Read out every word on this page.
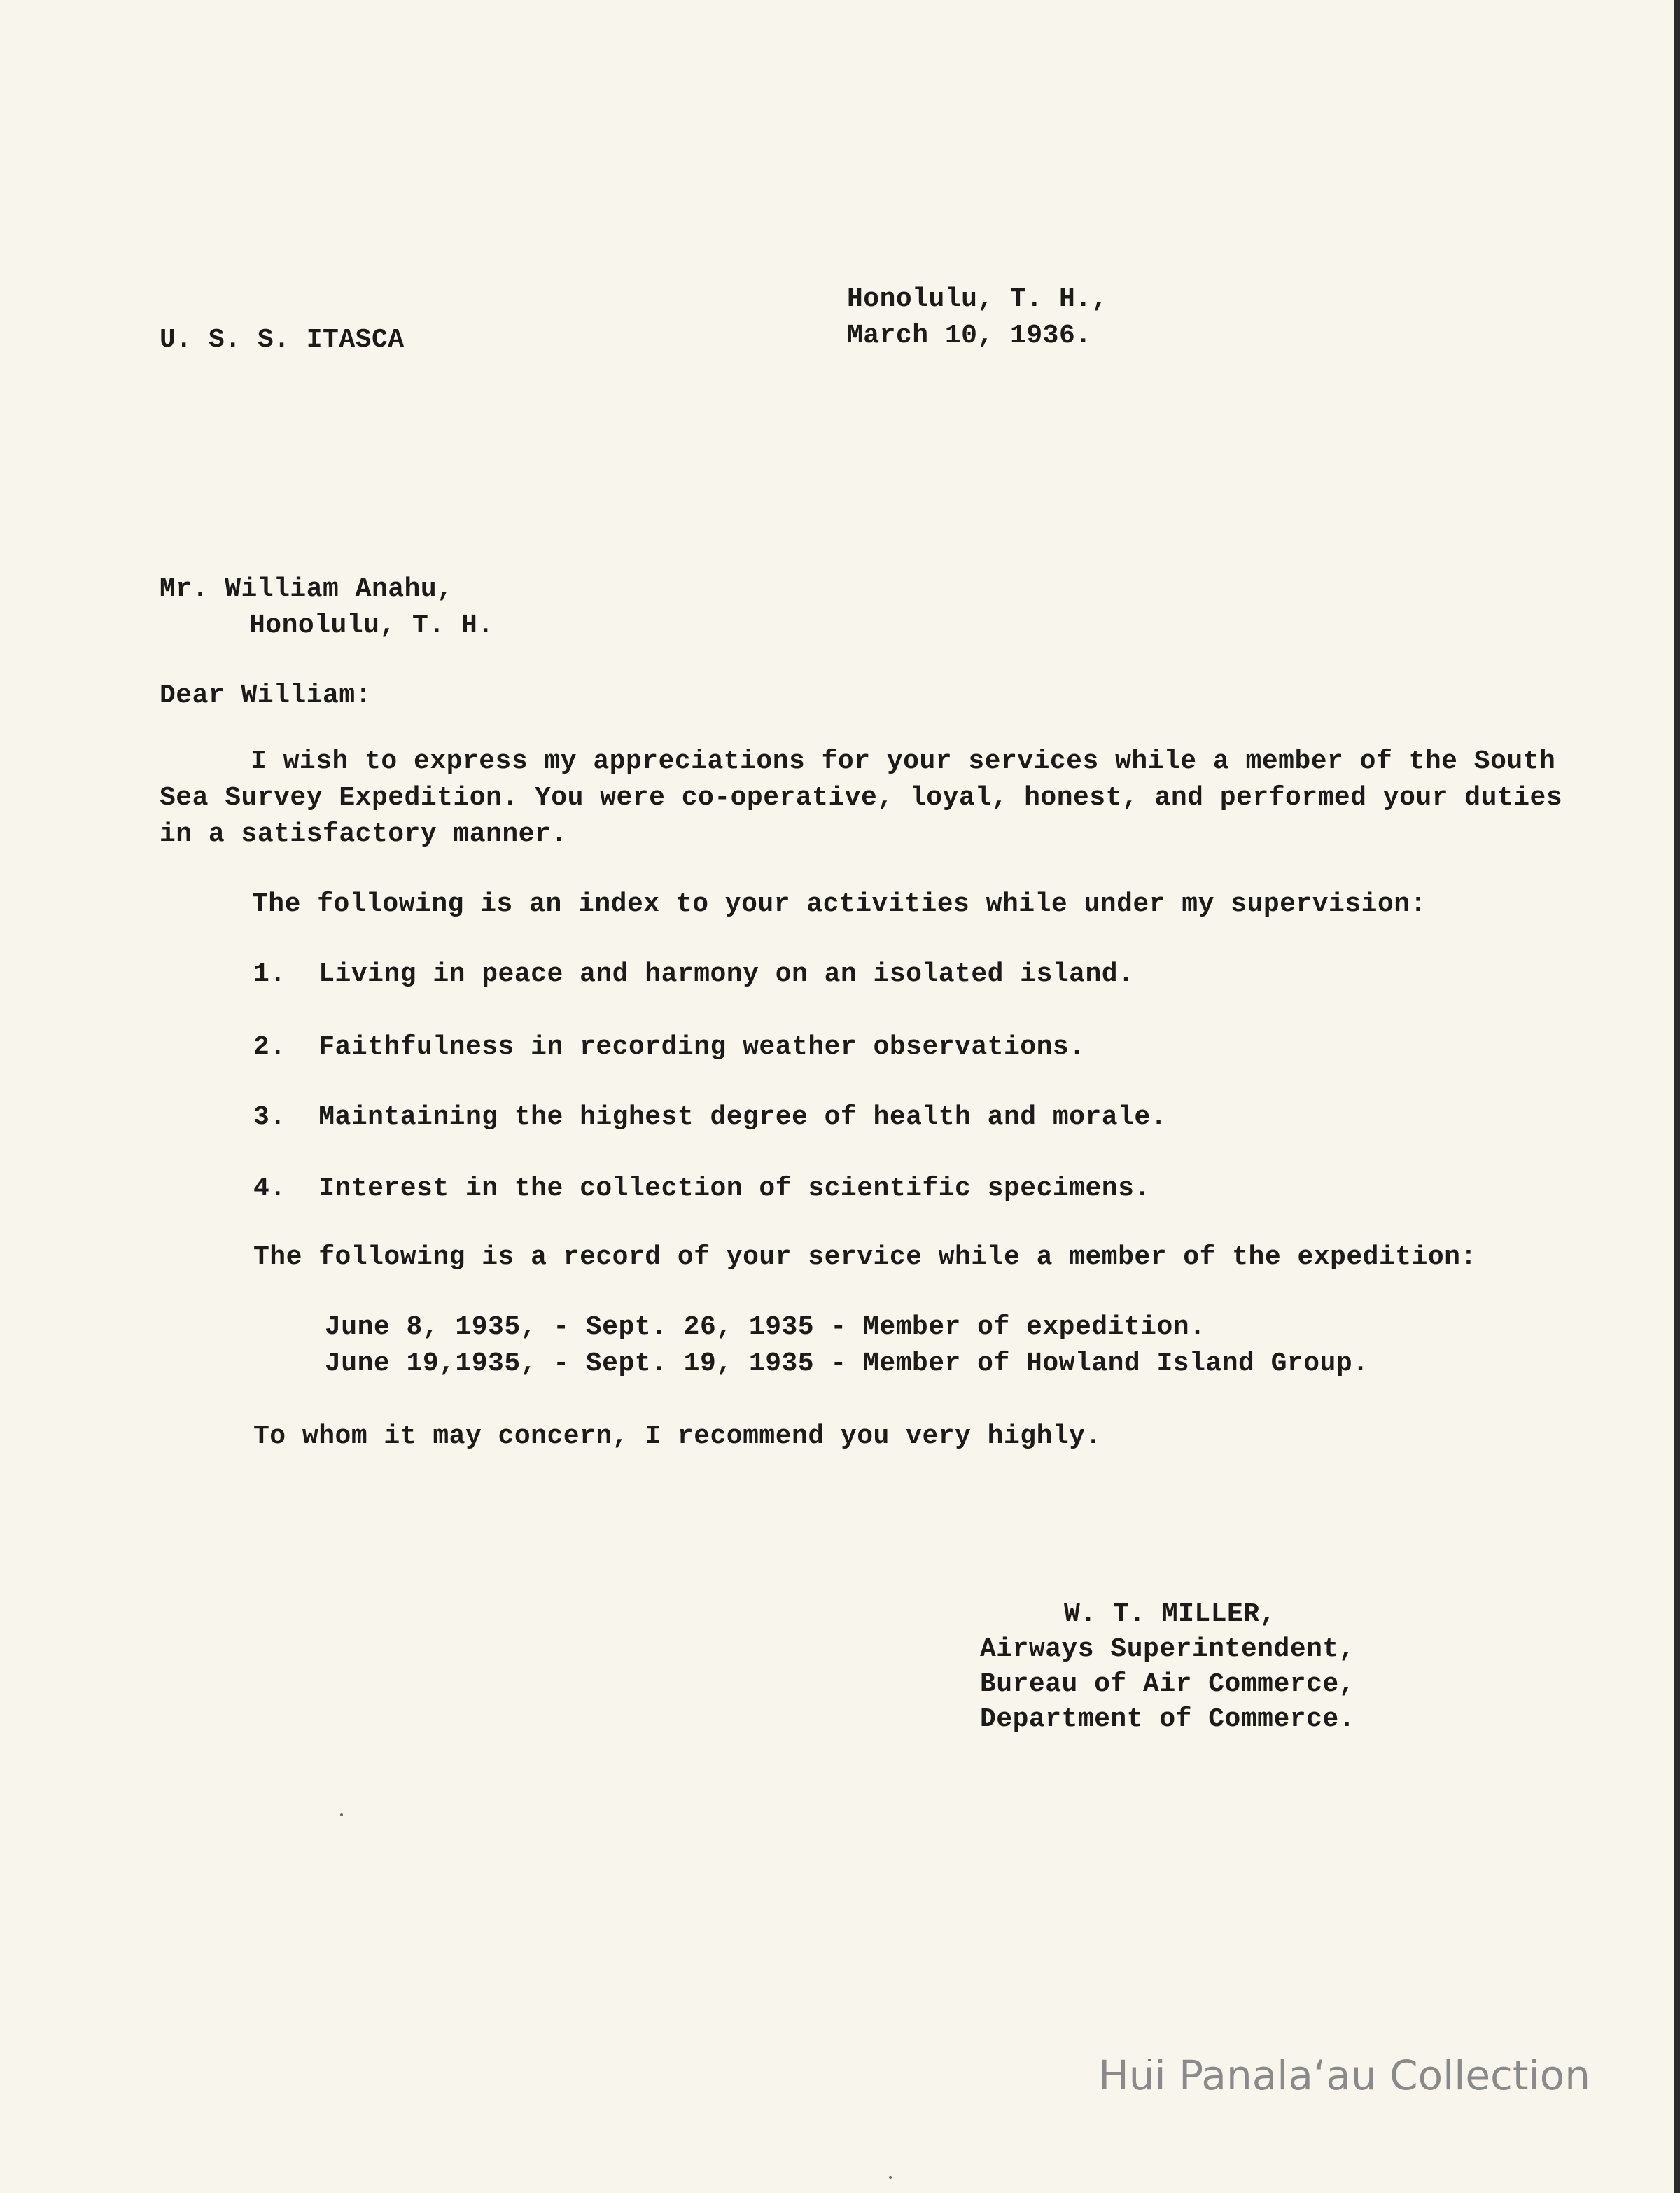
Honolulu, T. H.,
March 10, 1936.
U. S. S. ITASCA
Mr. William Anahu,
Honolulu, T. H.
Dear William:

I wish to express my appreciations for your services while a member of the South Sea Survey Expedition. You were co-operative, loyal, honest, and performed your duties in a satisfactory manner.

The following is an index to your activities while under my supervision:
1.  Living in peace and harmony on an isolated island.
2.  Faithfulness in recording weather observations.
3.  Maintaining the highest degree of health and morale.
4.  Interest in the collection of scientific specimens.
The following is a record of your service while a member of the expedition:
June 8, 1935, - Sept. 26, 1935 - Member of expedition.
June 19,1935, - Sept. 19, 1935 - Member of Howland Island Group.
To whom it may concern, I recommend you very highly.
W. T. MILLER,
Airways Superintendent,
Bureau of Air Commerce,
Department of Commerce.
Hui Panalaʻau Collection
